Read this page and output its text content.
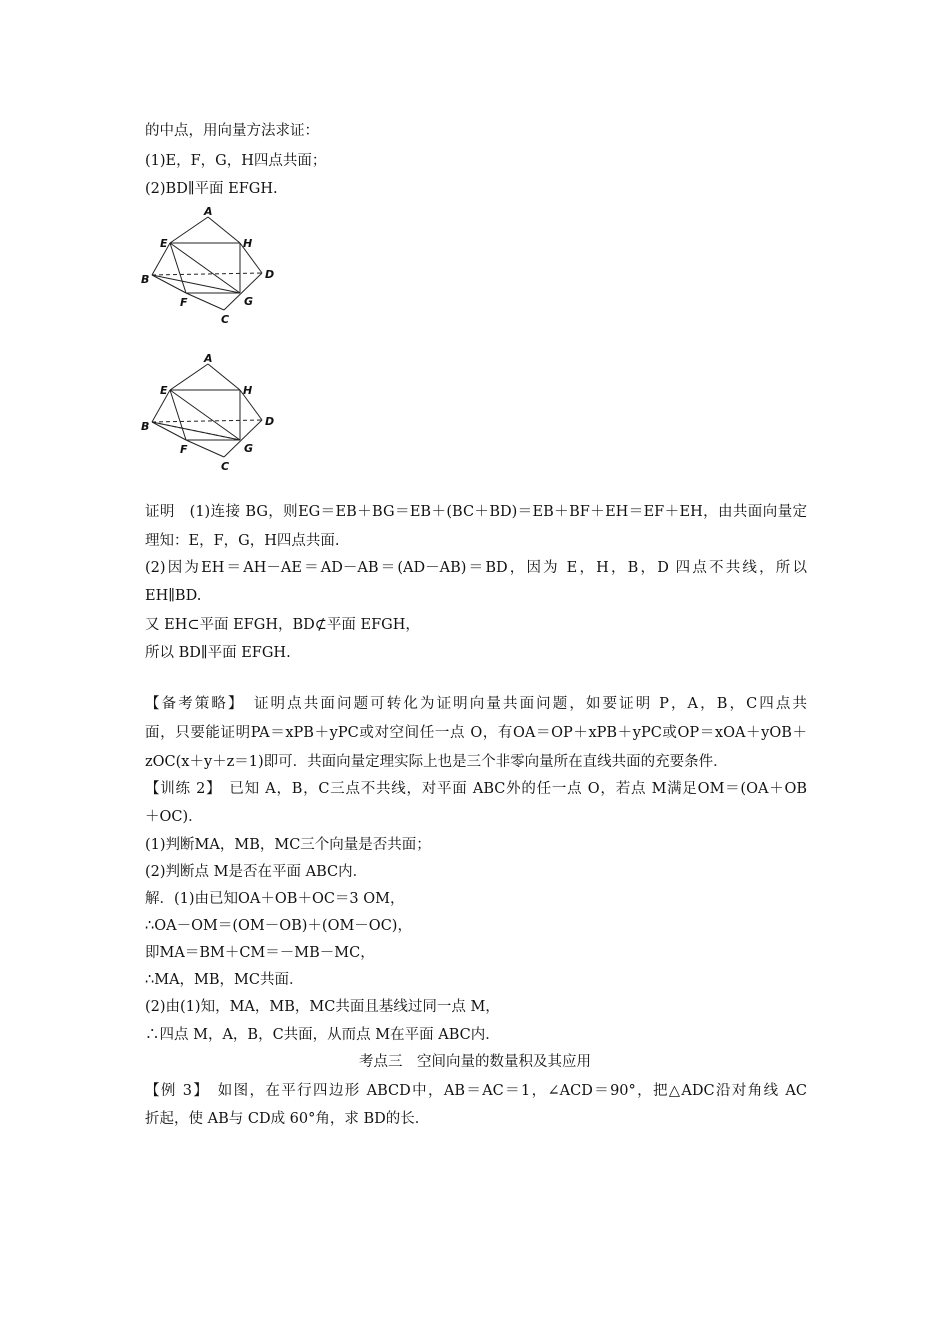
的中点，用向量方法求证：
(1)E，F，G，H四点共面；
(2)BD∥平面 EFGH.
A
E	H
B	D
F	G
C
A
E	H
B	D
F	G
C
证明　(1)连接 BG，则EG＝EB＋BG＝EB＋(BC＋BD)＝EB＋BF＋EH＝EF＋EH，由共面向量定
理知：E，F，G，H四点共面.
(2)因为EH＝AH－AE＝AD－AB＝(AD－AB)＝BD，因为 E，H，B，D 四点不共线，所以
EH∥BD.
又 EH⊂平面 EFGH，BD⊄平面 EFGH，
所以 BD∥平面 EFGH.
【备考策略】　证明点共面问题可转化为证明向量共面问题，如要证明 P，A，B，C四点共
面，只要能证明PA＝xPB＋yPC或对空间任一点 O，有OA＝OP＋xPB＋yPC或OP＝xOA＋yOB＋
zOC(x＋y＋z＝1)即可．共面向量定理实际上也是三个非零向量所在直线共面的充要条件．
【训练 2】　已知 A，B，C三点不共线，对平面 ABC外的任一点 O，若点 M满足OM＝(OA＋OB
＋OC)．
(1)判断MA，MB，MC三个向量是否共面；
(2)判断点 M是否在平面 ABC内．
解．(1)由已知OA＋OB＋OC＝3 OM，
∴OA－OM＝(OM－OB)＋(OM－OC)，
即MA＝BM＋CM＝－MB－MC，
∴MA，MB，MC共面．
(2)由(1)知，MA，MB，MC共面且基线过同一点 M，
∴四点 M，A，B，C共面，从而点 M在平面 ABC内．
考点三　空间向量的数量积及其应用
【例 3】　如图，在平行四边形 ABCD中，AB＝AC＝1，∠ACD＝90°，把△ADC沿对角线 AC
折起，使 AB与 CD成 60°角，求 BD的长．
